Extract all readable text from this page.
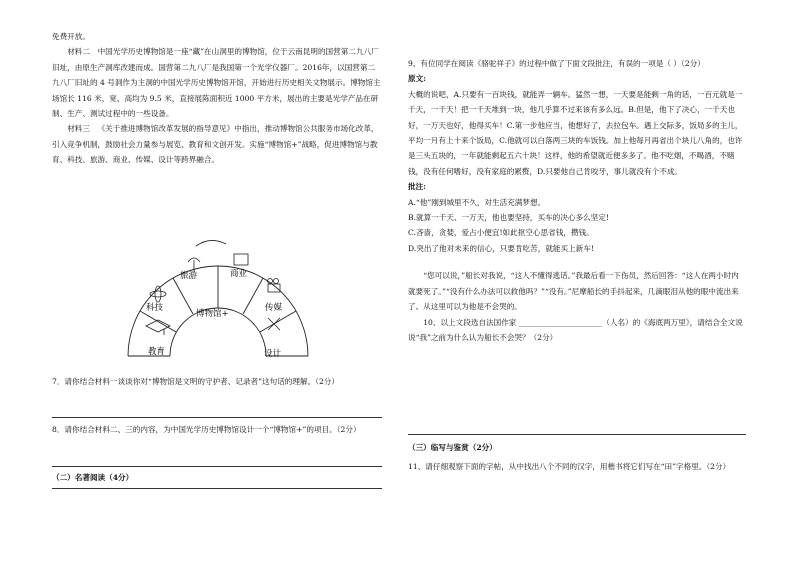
免费开放。

材料二  中国光学历史博物馆是一座“藏”在山洞里的博物馆，位于云南昆明的国营第二九八厂旧址，由原生产洞库改建而成。国营第二九八厂是我国第一个光学仪器厂。2016年，以国营第二九八厂旧址的 4 号洞作为主洞的中国光学历史博物馆开馆，开始进行历史相关文物展示。博物馆主场馆长 116 米，宽、高均为 9.5 米，直接展陈面积近 1000 平方米，展出的主要是光学产品在研制、生产、测试过程中的一些设备。

材料三  《关于推进博物馆改革发展的指导意见》中指出，推动博物馆公共服务市场化改革，引入竞争机制，鼓励社会力量参与展览、教育和文创开发。实施“博物馆+”战略，促进博物馆与教育、科技、旅游、商业、传媒、设计等跨界融合。

教育
科技
旅游	商业
传媒
设计
博物馆+

7．请你结合材料一谈谈你对“博物馆是文明的守护者、记录者”这句话的理解。（2分）

8．请你结合材料二、三的内容，为中国光学历史博物馆设计一个“博物馆+”的项目。（2分）

（二）名著阅读（4分）

9、有位同学在阅读《骆驼祥子》的过程中做了下面文段批注，有误的一项是（ ）（2分）

原文:

大概的说吧，A.只要有一百块钱，就能弄一辆车。猛然一想，一天要是能剩一角的话，一百元就是一千天，一千天！把一千天堆到一块，他几乎算不过来该有多么远。B.但是，他下了决心，一千天也好，一万天也好，他得买车！C.第一步他应当，他想好了，去拉包车。遇上交际多，饭局多的主儿，平均一月有上十来个饭局，C.他就可以白落两三块的车饭钱。加上他每月再省出个块儿八角的，也许是三头五块的，一年就能剩起五六十块！这样，他的希望就近便多多了。他不吃烟，不喝酒，不赌钱，没有任何嗜好，没有家庭的累赘，D.只要他自己肯咬牙，事儿就没有个不成。

批注:

A.“他”刚到城里不久，对生活充满梦想。

B.就算一千天、一万天，他也要坚持，买车的决心多么坚定!

C.吝啬，贪婪，爱占小便宜!如此抠空心思省钱，攒钱。

D.突出了他对未来的信心，只要肯吃苦，就能买上新车!

“您可以说，”船长对我说，“这人不懂得逃话。”我最后看一下伤员，然后回答：“这人在两小时内就要死了。”“没有什么办法可以救他吗？”“没有。”尼摩船长的手抖起来，几滴眼泪从他的眼中流出来了。从这里可以为他是不会哭的。

10、以上文段选自法国作家 ______________________（人名）的《海底两万里》，请结合全文说说“我”之前为什么认为船长不会哭？（2分）

（三）临写与鉴赏（2分）

11、请仔细观察下面的字帖，从中找出八个不同的汉字，用楷书将它们写在“田”字格里。（2分）
